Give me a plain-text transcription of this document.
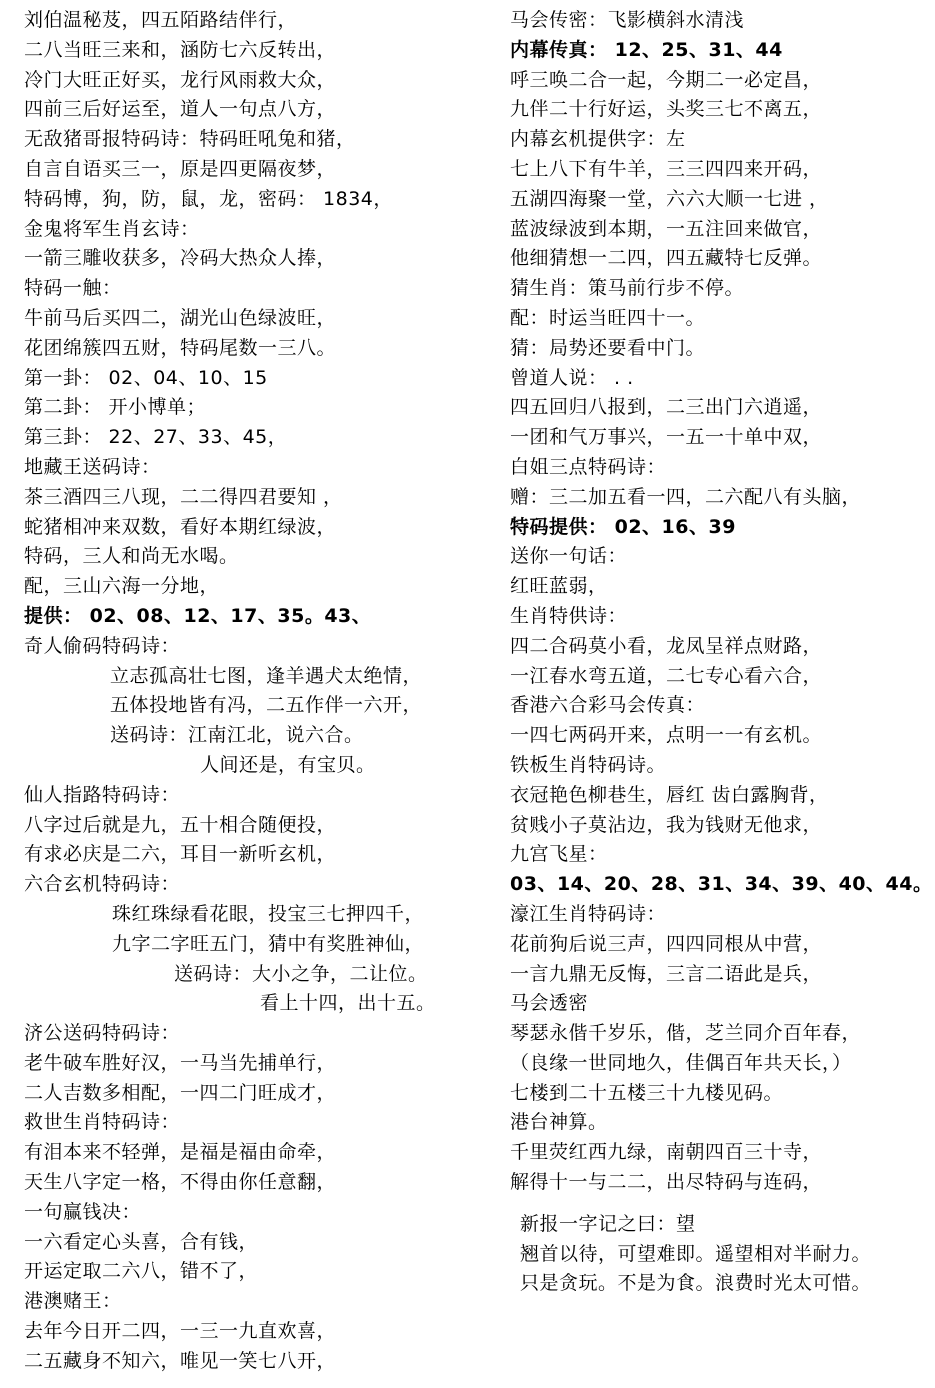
刘伯温秘芨，四五陌路结伴行，
二八当旺三来和，涵防七六反转出，
冷门大旺正好买，龙行风雨救大众，
四前三后好运至，道人一句点八方，
无敌猪哥报特码诗：特码旺吼兔和猪，
自言自语买三一，原是四更隔夜梦，
特码博，狗，防，鼠，龙，密码： 1834，
金鬼将军生肖玄诗：
一箭三雕收获多，冷码大热众人捧，
特码一触：
牛前马后买四二，湖光山色绿波旺，
花团绵簇四五财，特码尾数一三八。
第一卦： 02、04、10、15
第二卦： 开小博单；
第三卦： 22、27、33、45，
地藏王送码诗：
茶三酒四三八现，二二得四君要知 ，
蛇猪相冲来双数，看好本期红绿波，
特码，三人和尚无水喝。
配，三山六海一分地，
提供： 02、08、12、17、35。43、
奇人偷码特码诗：
立志孤高壮七图，逢羊遇犬太绝情，
五体投地皆有冯，二五作伴一六开，
送码诗：江南江北，说六合。
人间还是，有宝贝。
仙人指路特码诗：
八字过后就是九，五十相合随便投，
有求必庆是二六，耳目一新听玄机，
六合玄机特码诗：
珠红珠绿看花眼，投宝三七押四千，
九字二字旺五门，猜中有奖胜神仙，
送码诗：大小之争，二让位。
看上十四，出十五。
济公送码特码诗：
老牛破车胜好汉，一马当先捕单行，
二人吉数多相配，一四二门旺成才，
救世生肖特码诗：
有泪本来不轻弹，是福是福由命牵，
天生八字定一格，不得由你任意翻，
一句赢钱决：
一六看定心头喜，合有钱，
开运定取二六八，错不了，
港澳赌王：
去年今日开二四，一三一九直欢喜，
二五藏身不知六，唯见一笑七八开，
马会传密：飞影横斜水清浅
内幕传真： 12、25、31、44
呼三唤二合一起，今期二一必定昌，
九伴二十行好运，头奖三七不离五，
内幕玄机提供字：左
七上八下有牛羊，三三四四来开码，
五湖四海聚一堂，六六大顺一七进 ，
蓝波绿波到本期，一五注回来做官，
他细猜想一二四，四五藏特七反弹。
猜生肖：策马前行步不停。
配：时运当旺四十一。
猜：局势还要看中门。
曾道人说： . .
四五回归八报到，二三出门六逍遥，
一团和气万事兴，一五一十单中双，
白姐三点特码诗：
赠：三二加五看一四，二六配八有头脑，
特码提供： 02、16、39
送你一句话：
红旺蓝弱，
生肖特供诗：
四二合码莫小看，龙凤呈祥点财路，
一江春水弯五道，二七专心看六合，
香港六合彩马会传真：
一四七两码开来，点明一一有玄机。
铁板生肖特码诗。
衣冠艳色柳巷生，唇红 齿白露胸背，
贫贱小子莫沾边，我为钱财无他求，
九宫飞星：
03、14、20、28、31、34、39、40、44。
濠江生肖特码诗：
花前狗后说三声，四四同根从中营，
一言九鼎无反悔，三言二语此是兵，
马会透密
琴瑟永偕千岁乐，偕，芝兰同介百年春，
（良缘一世同地久，佳偶百年共天长，）
七楼到二十五楼三十九楼见码。
港台神算。
千里荧红西九绿，南朝四百三十寺，
解得十一与二二，出尽特码与连码，
新报一字记之曰：望
翘首以待，可望难即。遥望相对半耐力。
只是贪玩。不是为食。浪费时光太可惜。
